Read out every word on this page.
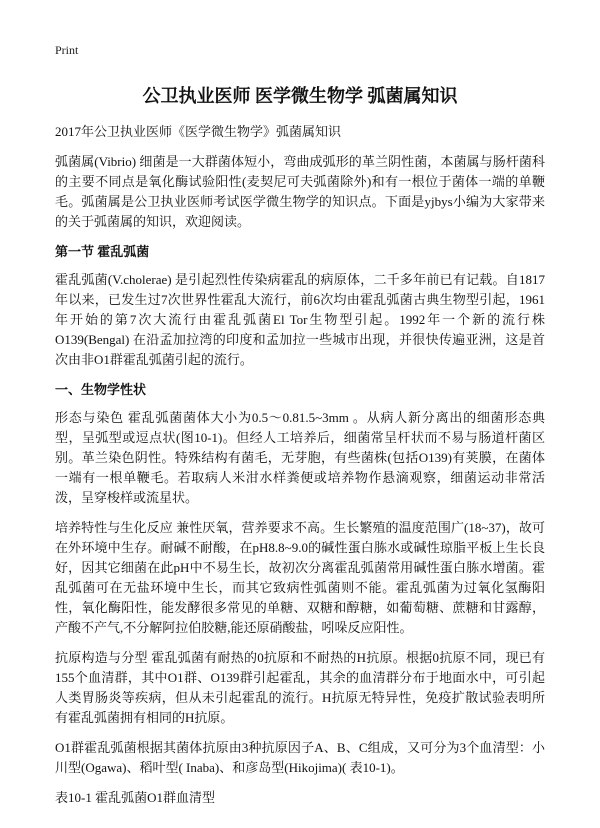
Print
公卫执业医师 医学微生物学 弧菌属知识
2017年公卫执业医师《医学微生物学》弧菌属知识

弧菌属(Vibrio) 细菌是一大群菌体短小，弯曲成弧形的革兰阴性菌，本菌属与肠杆菌科的主要不同点是氧化酶试验阳性(麦契尼可夫弧菌除外)和有一根位于菌体一端的单鞭毛。弧菌属是公卫执业医师考试医学微生物学的知识点。下面是yjbys小编为大家带来的关于弧菌属的知识，欢迎阅读。

第一节 霍乱弧菌

霍乱弧菌(V.cholerae) 是引起烈性传染病霍乱的病原体，二千多年前已有记载。自1817年以来，已发生过7次世界性霍乱大流行，前6次均由霍乱弧菌古典生物型引起，1961年开始的第7次大流行由霍乱弧菌El Tor生物型引起。1992年一个新的流行株O139(Bengal) 在沿孟加拉湾的印度和孟加拉一些城市出现，并很快传遍亚洲，这是首次由非O1群霍乱弧菌引起的流行。

一、生物学性状

形态与染色 霍乱弧菌菌体大小为0.5～0.81.5~3mm 。从病人新分离出的细菌形态典型，呈弧型或逗点状(图10-1)。但经人工培养后，细菌常呈杆状而不易与肠道杆菌区别。革兰染色阴性。特殊结构有菌毛，无芽胞，有些菌株(包括O139)有荚膜，在菌体一端有一根单鞭毛。若取病人米泔水样粪便或培养物作悬滴观察，细菌运动非常活泼，呈穿梭样或流星状。

培养特性与生化反应 兼性厌氧，营养要求不高。生长繁殖的温度范围广(18~37)，故可在外环境中生存。耐碱不耐酸，在pH8.8~9.0的碱性蛋白胨水或碱性琼脂平板上生长良好，因其它细菌在此pH中不易生长，故初次分离霍乱弧菌常用碱性蛋白胨水增菌。霍乱弧菌可在无盐环境中生长，而其它致病性弧菌则不能。霍乱弧菌为过氧化氢酶阳性，氧化酶阳性，能发酵很多常见的单糖、双糖和醇糖，如葡萄糖、蔗糖和甘露醇，产酸不产气,不分解阿拉伯胶糖,能还原硝酸盐，吲哚反应阳性。

抗原构造与分型 霍乱弧菌有耐热的0抗原和不耐热的H抗原。根据0抗原不同，现已有155个血清群，其中O1群、O139群引起霍乱，其余的血清群分布于地面水中，可引起人类胃肠炎等疾病，但从未引起霍乱的流行。H抗原无特异性，免疫扩散试验表明所有霍乱弧菌拥有相同的H抗原。

O1群霍乱弧菌根据其菌体抗原由3种抗原因子A、B、C组成，又可分为3个血清型：小川型(Ogawa)、稻叶型( Inaba)、和彦岛型(Hikojima)( 表10-1)。

表10-1 霍乱弧菌O1群血清型
